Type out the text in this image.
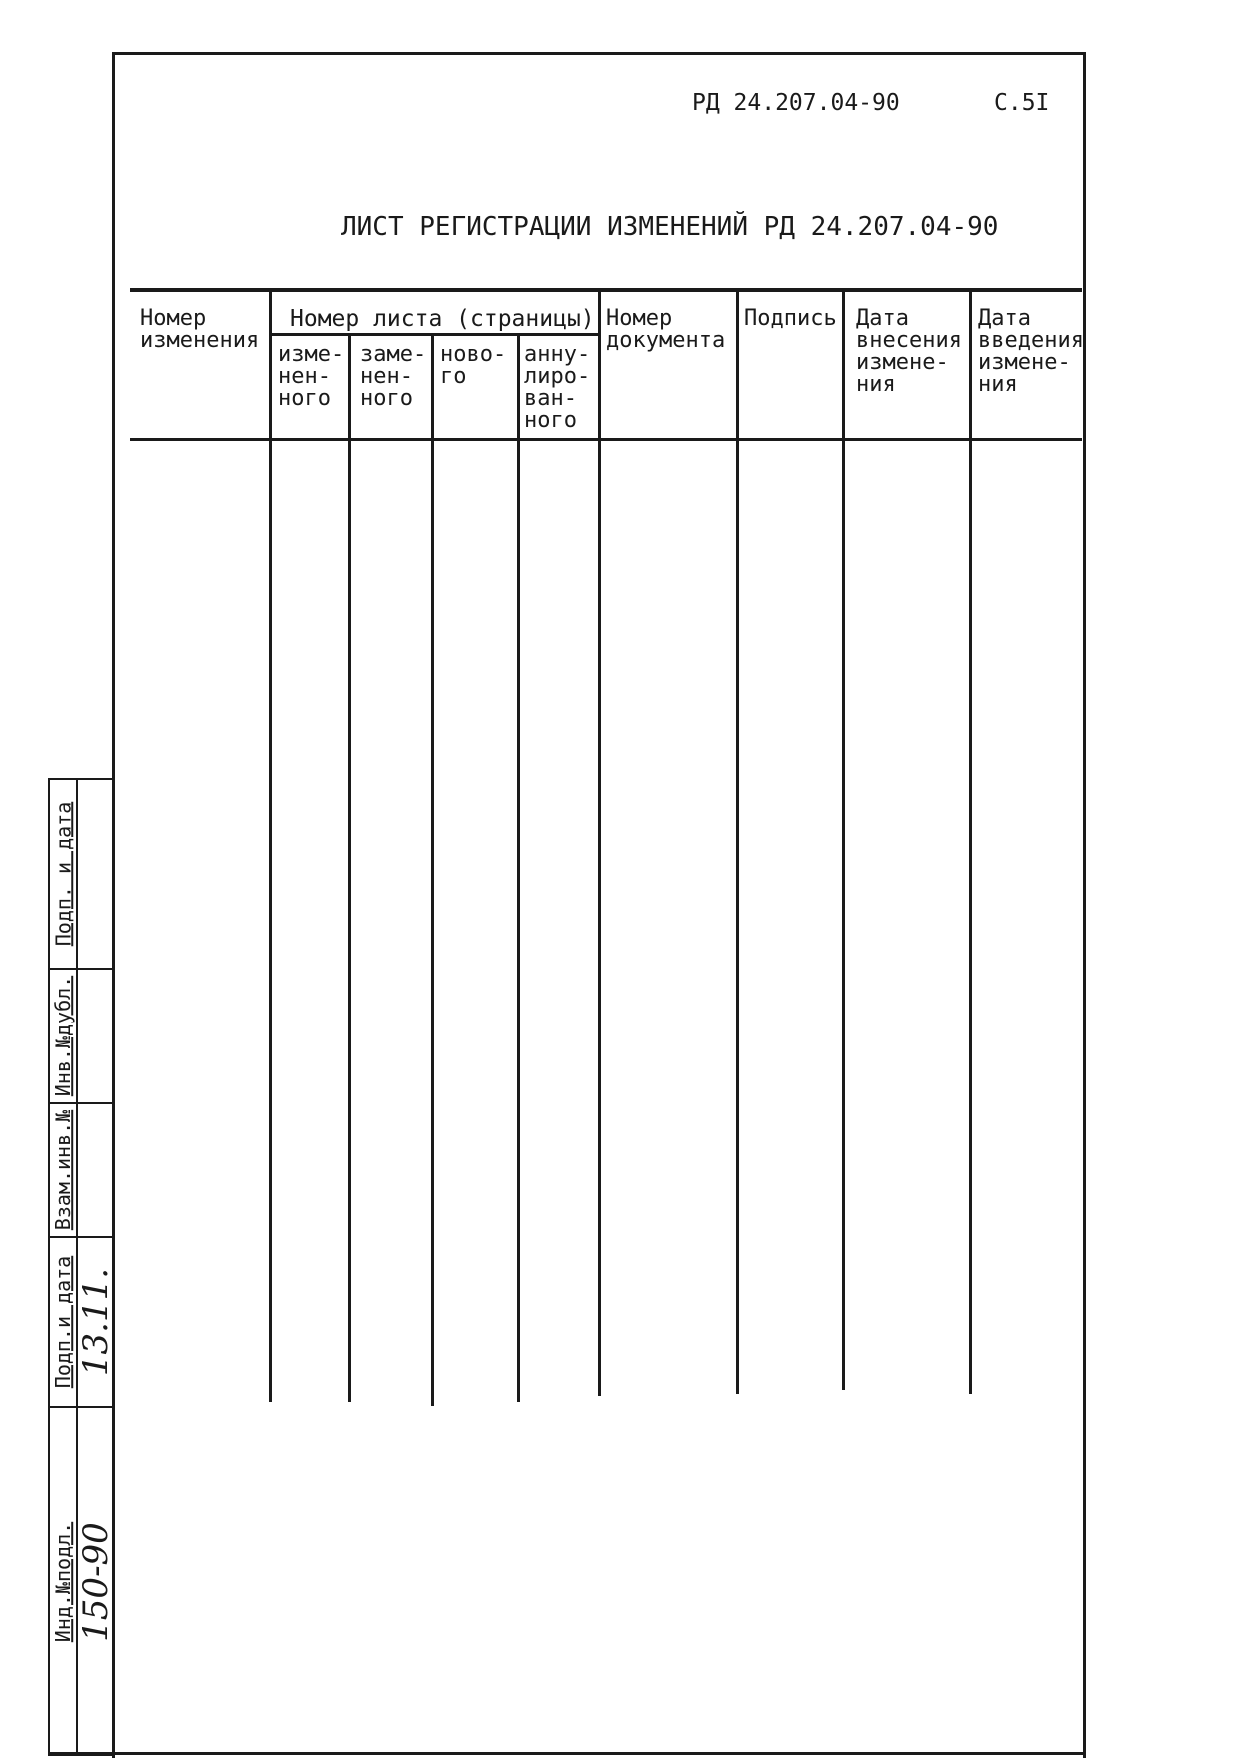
РД 24.207.04-90	С.5I
ЛИСТ РЕГИСТРАЦИИ ИЗМЕНЕНИЙ РД 24.207.04-90
Номер
изменения
Номер листа (страницы)
изме-
нен-
ного
заме-
нен-
ного
ново-
го
анну-
лиро-
ван-
ного
Номер
документа
Подпись Дата
внесения
измене-
ния
Дата
введения
измене-
ния
Подп. и дата
Инв.№дубл.
Взам.инв.№
Подп.и дата
Инд.№подл.
13.11.
150-90
